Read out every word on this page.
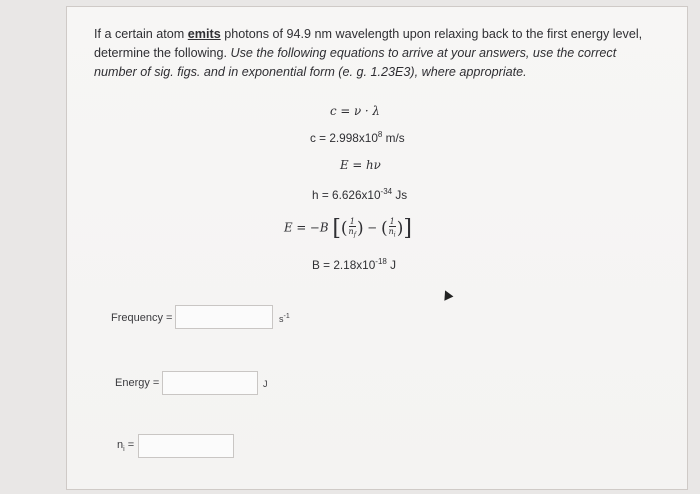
If a certain atom emits photons of 94.9 nm wavelength upon relaxing back to the first energy level, determine the following. Use the following equations to arrive at your answers, use the correct number of sig. figs. and in exponential form (e. g. 1.23E3), where appropriate.
c = ν · λ
$c = 2.998x10^8$ m/s
E = hν
$h = 6.626x10^{-34}$ Js
E = −B [( $\frac{1}{n_f}$ ) − ( $\frac{1}{n_i}$ )]
$B = 2.18x10^{-18}$ J
Frequency =	$s^{-1}$
Energy =	J
$n_i$ =
